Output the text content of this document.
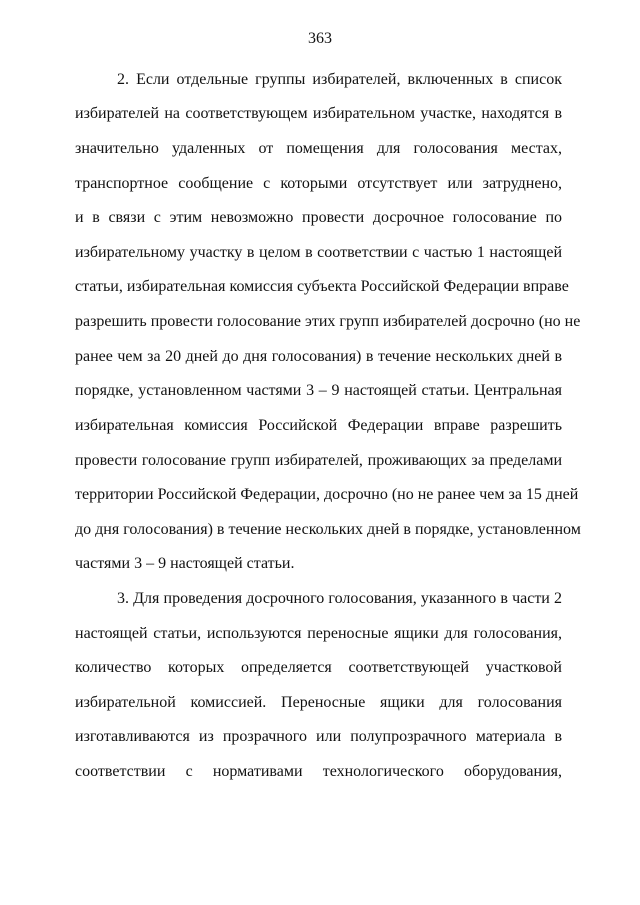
363
2. Если отдельные группы избирателей, включенных в список
избирателей на соответствующем избирательном участке, находятся в
значительно удаленных от помещения для голосования местах,
транспортное сообщение с которыми отсутствует или затруднено,
и в связи с этим невозможно провести досрочное голосование по
избирательному участку в целом в соответствии с частью 1 настоящей
статьи, избирательная комиссия субъекта Российской Федерации вправе
разрешить провести голосование этих групп избирателей досрочно (но не
ранее чем за 20 дней до дня голосования) в течение нескольких дней в
порядке, установленном частями 3 – 9 настоящей статьи. Центральная
избирательная комиссия Российской Федерации вправе разрешить
провести голосование групп избирателей, проживающих за пределами
территории Российской Федерации, досрочно (но не ранее чем за 15 дней
до дня голосования) в течение нескольких дней в порядке, установленном
частями 3 – 9 настоящей статьи.
3. Для проведения досрочного голосования, указанного в части 2
настоящей статьи, используются переносные ящики для голосования,
количество которых определяется соответствующей участковой
избирательной комиссией. Переносные ящики для голосования
изготавливаются из прозрачного или полупрозрачного материала в
соответствии с нормативами технологического оборудования,
